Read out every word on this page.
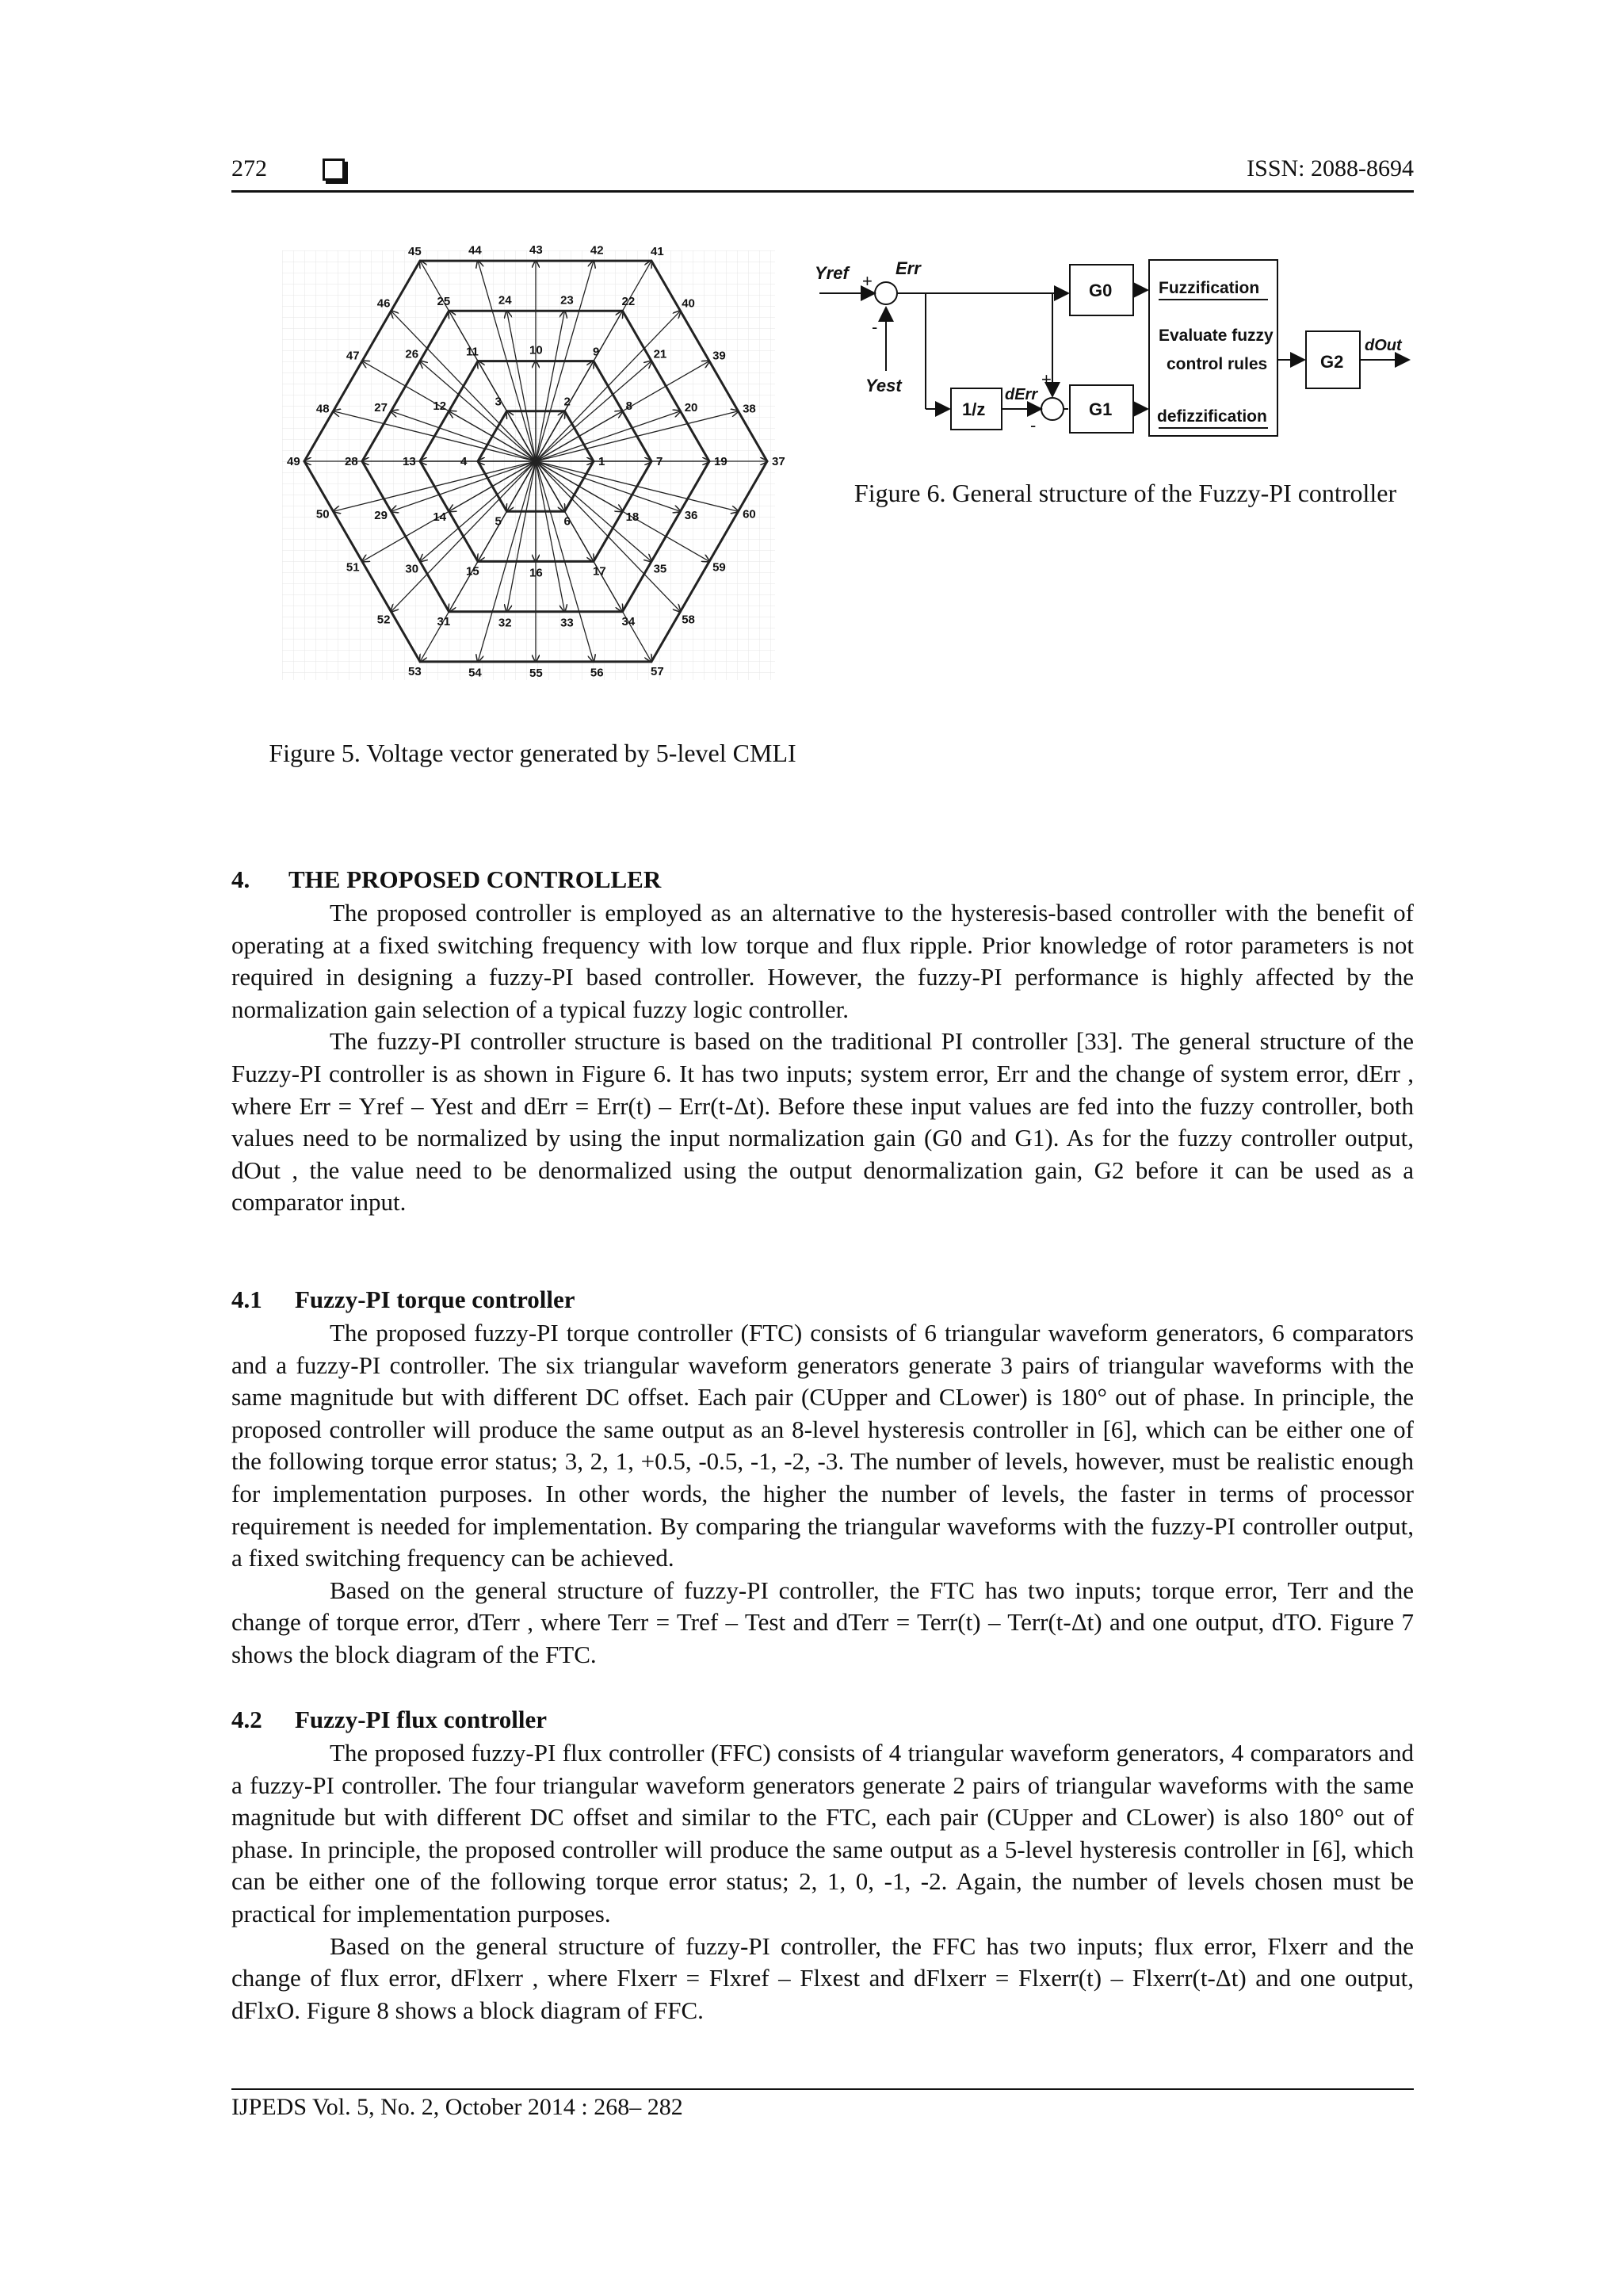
272	ISSN: 2088-8694
1
2
3
4
5	6
7
8
9
10
11
12
13
14
15	16	17
18
19
20
21
22
23
24
25
26
27
28
29
30
31	32	33	34
35
36
37
38
39
40
41
42
43
44
45
46
47
48
49
50
51
52
53	54	55	56	57
58
59
60
Figure 5. Voltage vector generated by 5-level CMLI
Yref +
Err
-
Yest
1/z
dErr
+
-
G0
G1
Fuzzification
Evaluate fuzzy
control rules
defizzification
G2
dOut
Figure 6. General structure of the Fuzzy-PI controller
4. THE PROPOSED CONTROLLER

The proposed controller is employed as an alternative to the hysteresis-based controller with the benefit of operating at a fixed switching frequency with low torque and flux ripple. Prior knowledge of rotor parameters is not required in designing a fuzzy-PI based controller. However, the fuzzy-PI performance is highly affected by the normalization gain selection of a typical fuzzy logic controller.

The fuzzy-PI controller structure is based on the traditional PI controller [33]. The general structure of the Fuzzy-PI controller is as shown in Figure 6. It has two inputs; system error, Err and the change of system error, dErr , where Err = Yref – Yest and dErr = Err(t) – Err(t-Δt). Before these input values are fed into the fuzzy controller, both values need to be normalized by using the input normalization gain (G0 and G1). As for the fuzzy controller output, dOut , the value need to be denormalized using the output denormalization gain, G2 before it can be used as a comparator input.

4.1 Fuzzy-PI torque controller

The proposed fuzzy-PI torque controller (FTC) consists of 6 triangular waveform generators, 6 comparators and a fuzzy-PI controller. The six triangular waveform generators generate 3 pairs of triangular waveforms with the same magnitude but with different DC offset. Each pair (CUpper and CLower) is 180° out of phase. In principle, the proposed controller will produce the same output as an 8-level hysteresis controller in [6], which can be either one of the following torque error status; 3, 2, 1, +0.5, -0.5, -1, -2, -3. The number of levels, however, must be realistic enough for implementation purposes. In other words, the higher the number of levels, the faster in terms of processor requirement is needed for implementation. By comparing the triangular waveforms with the fuzzy-PI controller output, a fixed switching frequency can be achieved.

Based on the general structure of fuzzy-PI controller, the FTC has two inputs; torque error, Terr and the change of torque error, dTerr , where Terr = Tref – Test and dTerr = Terr(t) – Terr(t-Δt) and one output, dTO. Figure 7 shows the block diagram of the FTC.

4.2 Fuzzy-PI flux controller

The proposed fuzzy-PI flux controller (FFC) consists of 4 triangular waveform generators, 4 comparators and a fuzzy-PI controller. The four triangular waveform generators generate 2 pairs of triangular waveforms with the same magnitude but with different DC offset and similar to the FTC, each pair (CUpper and CLower) is also 180° out of phase. In principle, the proposed controller will produce the same output as a 5-level hysteresis controller in [6], which can be either one of the following torque error status; 2, 1, 0, -1, -2. Again, the number of levels chosen must be practical for implementation purposes.

Based on the general structure of fuzzy-PI controller, the FFC has two inputs; flux error, Flxerr and the change of flux error, dFlxerr , where Flxerr = Flxref – Flxest and dFlxerr = Flxerr(t) – Flxerr(t-Δt) and one output, dFlxO. Figure 8 shows a block diagram of FFC.

IJPEDS Vol. 5, No. 2, October 2014 : 268– 282
